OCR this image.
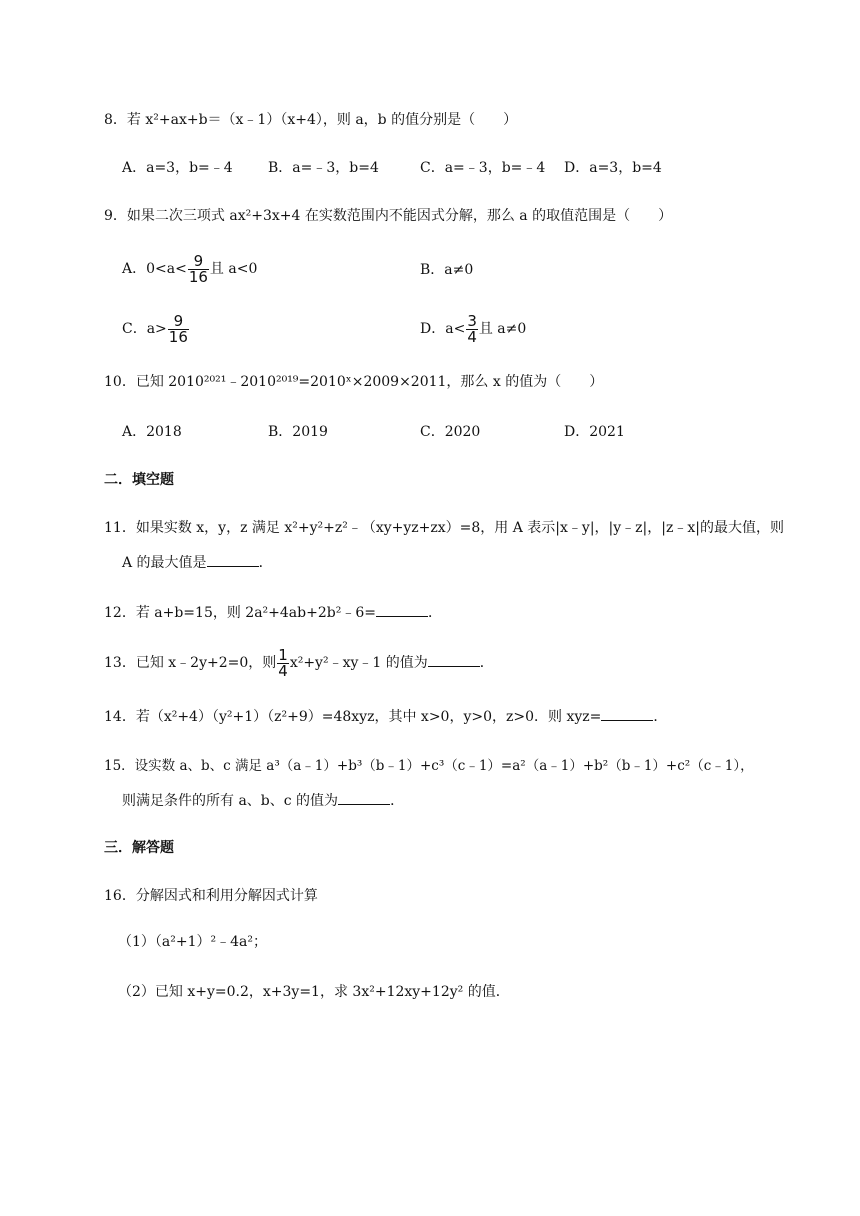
8．若 x²+ax+b＝（x﹣1）（x+4），则 a，b 的值分别是（　　）
A．a=3，b=﹣4	B．a=﹣3，b=4	C．a=﹣3，b=﹣4 D．a=3，b=4
9．如果二次三项式 ax²+3x+4 在实数范围内不能因式分解，那么 a 的取值范围是（　　）
A．$0<a< \frac{9}{16}$ 且 a<0	B．a≠0
C．$a> \frac{9}{16}$	D．$a< \frac{3}{4}$ 且 a≠0
10．已知 2010²⁰²¹﹣2010²⁰¹⁹=2010ˣ×2009×2011，那么 x 的值为（　　）
A．2018	B．2019	C．2020	D．2021
二．填空题
11．如果实数 x，y，z 满足 x²+y²+z²﹣（xy+yz+zx）=8，用 A 表示|x﹣y|，|y﹣z|，|z﹣x|的最大值，则
A 的最大值是	．
12．若 a+b=15，则 2a²+4ab+2b²﹣6=	．
13．已知 x﹣2y+2=0，则 $\frac{1}{4}$ x²+y²﹣xy﹣1 的值为	．
14．若（x²+4）（y²+1）（z²+9）=48xyz，其中 x>0，y>0，z>0．则 xyz=	．
15．设实数 a、b、c 满足 a³（a﹣1）+b³（b﹣1）+c³（c﹣1）=a²（a﹣1）+b²（b﹣1）+c²（c﹣1），
则满足条件的所有 a、b、c 的值为	．
三．解答题
16．分解因式和利用分解因式计算
（1）（a²+1）²﹣4a²；
（2）已知 x+y=0.2，x+3y=1，求 3x²+12xy+12y² 的值．
